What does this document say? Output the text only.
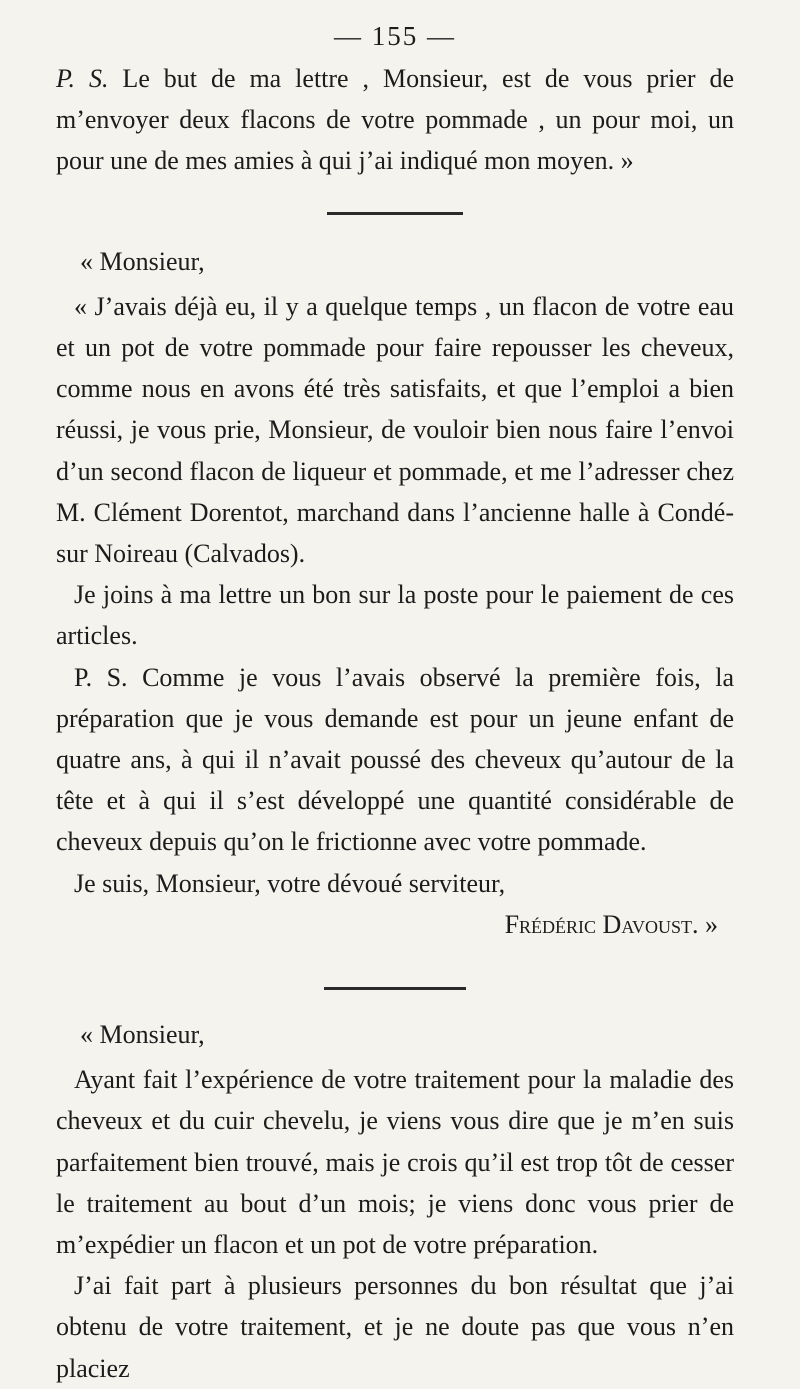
— 155 —

P. S. Le but de ma lettre , Monsieur, est de vous prier de m’envoyer deux flacons de votre pommade , un pour moi, un pour une de mes amies à qui j’ai indiqué mon moyen. »

« Monsieur,

« J’avais déjà eu, il y a quelque temps , un flacon de votre eau et un pot de votre pommade pour faire repousser les cheveux, comme nous en avons été très satisfaits, et que l’emploi a bien réussi, je vous prie, Monsieur, de vouloir bien nous faire l’envoi d’un second flacon de liqueur et pommade, et me l’adresser chez M. Clément Dorentot, marchand dans l’ancienne halle à Condé-sur Noireau (Calvados).

Je joins à ma lettre un bon sur la poste pour le paiement de ces articles.

P. S. Comme je vous l’avais observé la première fois, la préparation que je vous demande est pour un jeune enfant de quatre ans, à qui il n’avait poussé des cheveux qu’autour de la tête et à qui il s’est développé une quantité considérable de cheveux depuis qu’on le frictionne avec votre pommade.

Je suis, Monsieur, votre dévoué serviteur,

Frédéric Davoust. »

« Monsieur,

Ayant fait l’expérience de votre traitement pour la maladie des cheveux et du cuir chevelu, je viens vous dire que je m’en suis parfaitement bien trouvé, mais je crois qu’il est trop tôt de cesser le traitement au bout d’un mois; je viens donc vous prier de m’expédier un flacon et un pot de votre préparation.

J’ai fait part à plusieurs personnes du bon résultat que j’ai obtenu de votre traitement, et je ne doute pas que vous n’en placiez
